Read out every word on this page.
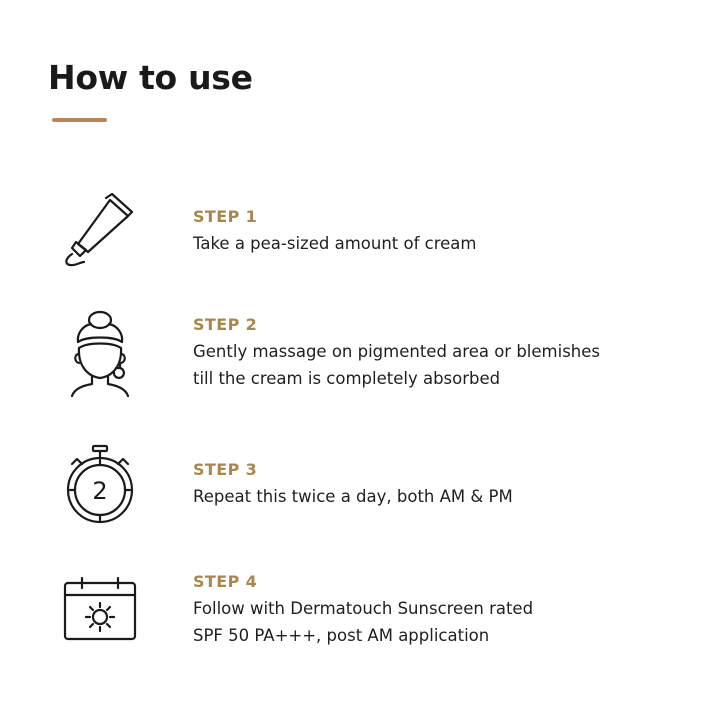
How to use

STEP 1

Take a pea-sized amount of cream

STEP 2

Gently massage on pigmented area or blemishes
till the cream is completely absorbed

2

STEP 3

Repeat this twice a day, both AM & PM

STEP 4

Follow with Dermatouch Sunscreen rated
SPF 50 PA+++, post AM application
